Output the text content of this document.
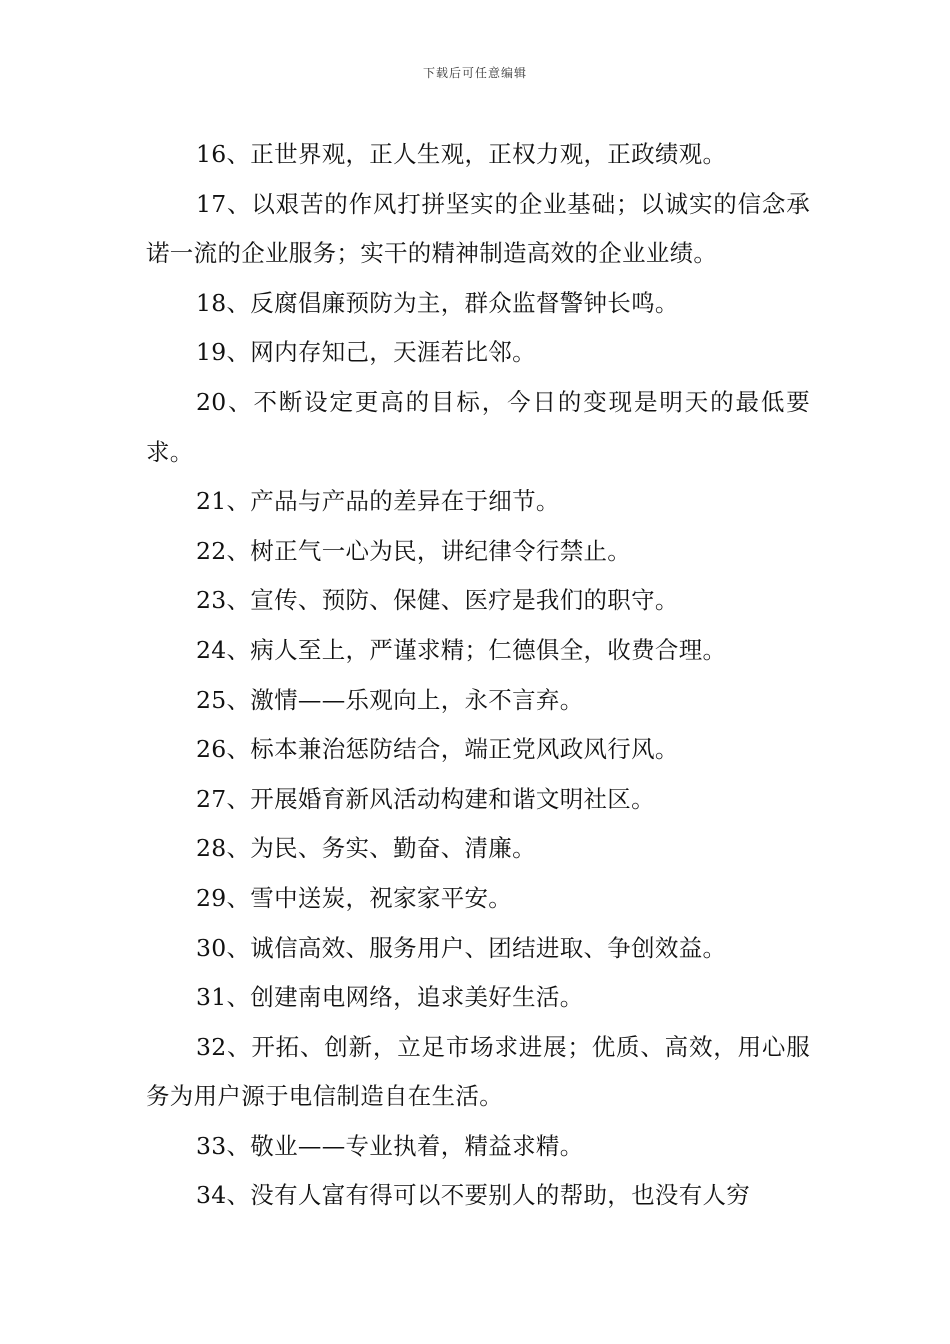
下载后可任意编辑

16、正世界观，正人生观，正权力观，正政绩观。

17、以艰苦的作风打拼坚实的企业基础；以诚实的信念承诺一流的企业服务；实干的精神制造高效的企业业绩。

18、反腐倡廉预防为主，群众监督警钟长鸣。

19、网内存知己，天涯若比邻。

20、不断设定更高的目标，今日的变现是明天的最低要求。

21、产品与产品的差异在于细节。

22、树正气一心为民，讲纪律令行禁止。

23、宣传、预防、保健、医疗是我们的职守。

24、病人至上，严谨求精；仁德俱全，收费合理。

25、激情——乐观向上，永不言弃。

26、标本兼治惩防结合，端正党风政风行风。

27、开展婚育新风活动构建和谐文明社区。

28、为民、务实、勤奋、清廉。

29、雪中送炭，祝家家平安。

30、诚信高效、服务用户、团结进取、争创效益。

31、创建南电网络，追求美好生活。

32、开拓、创新，立足市场求进展；优质、高效，用心服务为用户源于电信制造自在生活。

33、敬业——专业执着，精益求精。

34、没有人富有得可以不要别人的帮助，也没有人穷
